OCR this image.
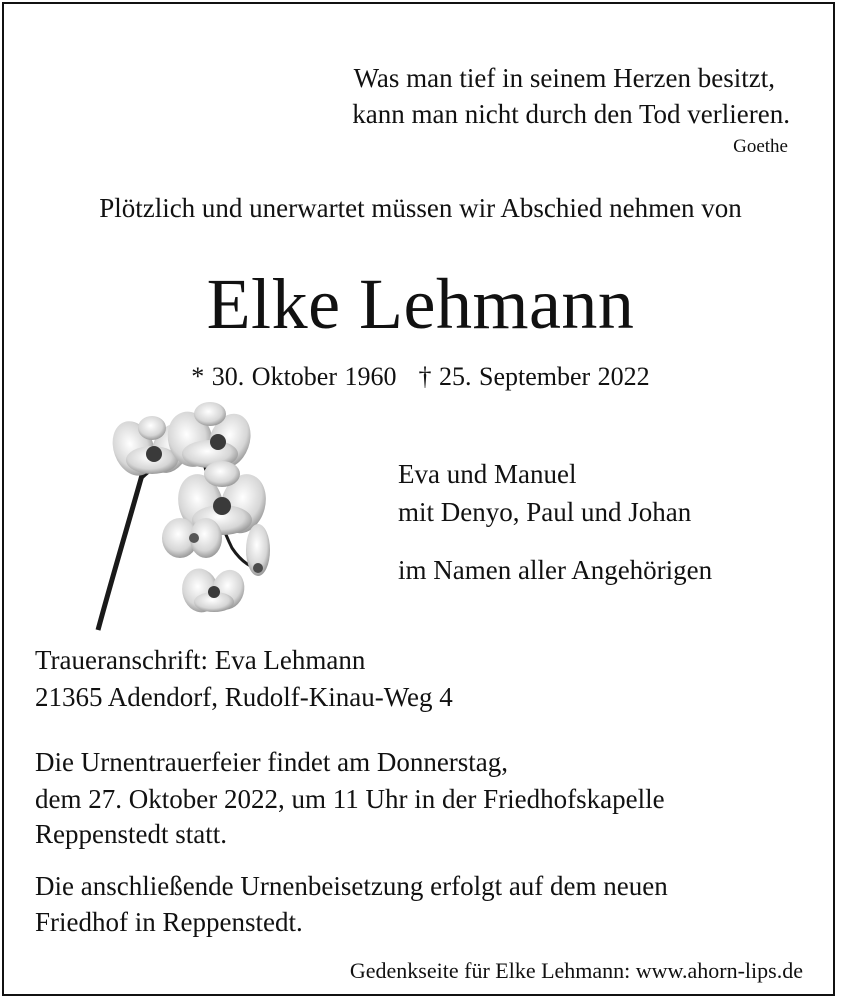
Was man tief in seinem Herzen besitzt,
kann man nicht durch den Tod verlieren.
Goethe
Plötzlich und unerwartet müssen wir Abschied nehmen von
Elke Lehmann
* 30. Oktober 1960 † 25. September 2022
Eva und Manuel
mit Denyo, Paul und Johan
im Namen aller Angehörigen
Traueranschrift: Eva Lehmann
21365 Adendorf, Rudolf-Kinau-Weg 4
Die Urnentrauerfeier findet am Donnerstag,
dem 27. Oktober 2022, um 11 Uhr in der Friedhofskapelle
Reppenstedt statt.
Die anschließende Urnenbeisetzung erfolgt auf dem neuen
Friedhof in Reppenstedt.
Gedenkseite für Elke Lehmann: www.ahorn-lips.de
